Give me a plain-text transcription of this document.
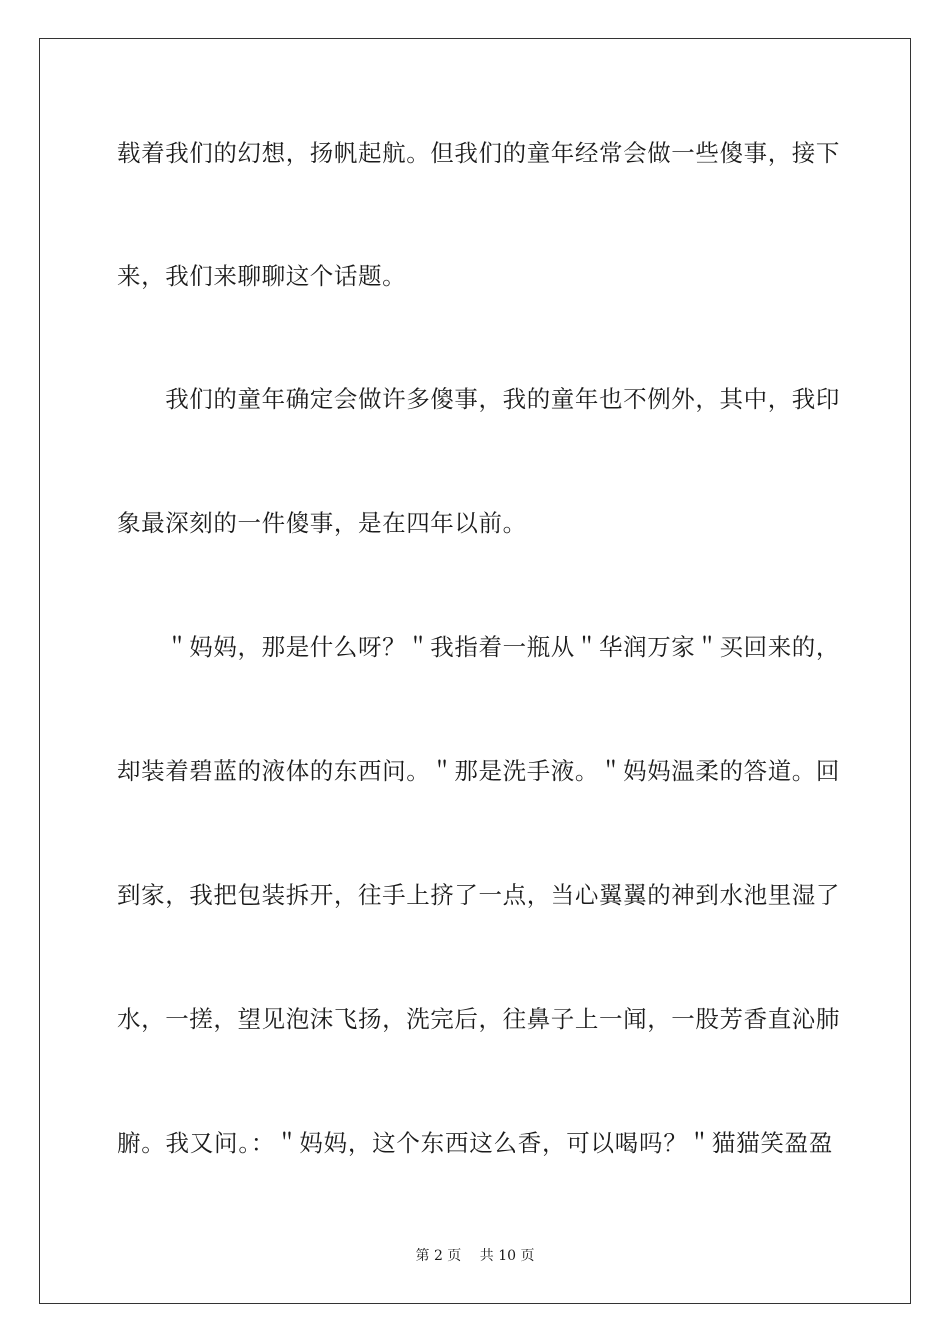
载着我们的幻想，扬帆起航。但我们的童年经常会做一些傻事，接下
来，我们来聊聊这个话题。
　　我们的童年确定会做许多傻事，我的童年也不例外，其中，我印
象最深刻的一件傻事，是在四年以前。
　　＂妈妈，那是什么呀？＂我指着一瓶从＂华润万家＂买回来的，
却装着碧蓝的液体的东西问。＂那是洗手液。＂妈妈温柔的答道。回
到家，我把包装拆开，往手上挤了一点，当心翼翼的神到水池里湿了
水，一搓，望见泡沫飞扬，洗完后，往鼻子上一闻，一股芳香直沁肺
腑。我又问。：＂妈妈，这个东西这么香，可以喝吗？＂猫猫笑盈盈
第 2 页　 共 10 页
